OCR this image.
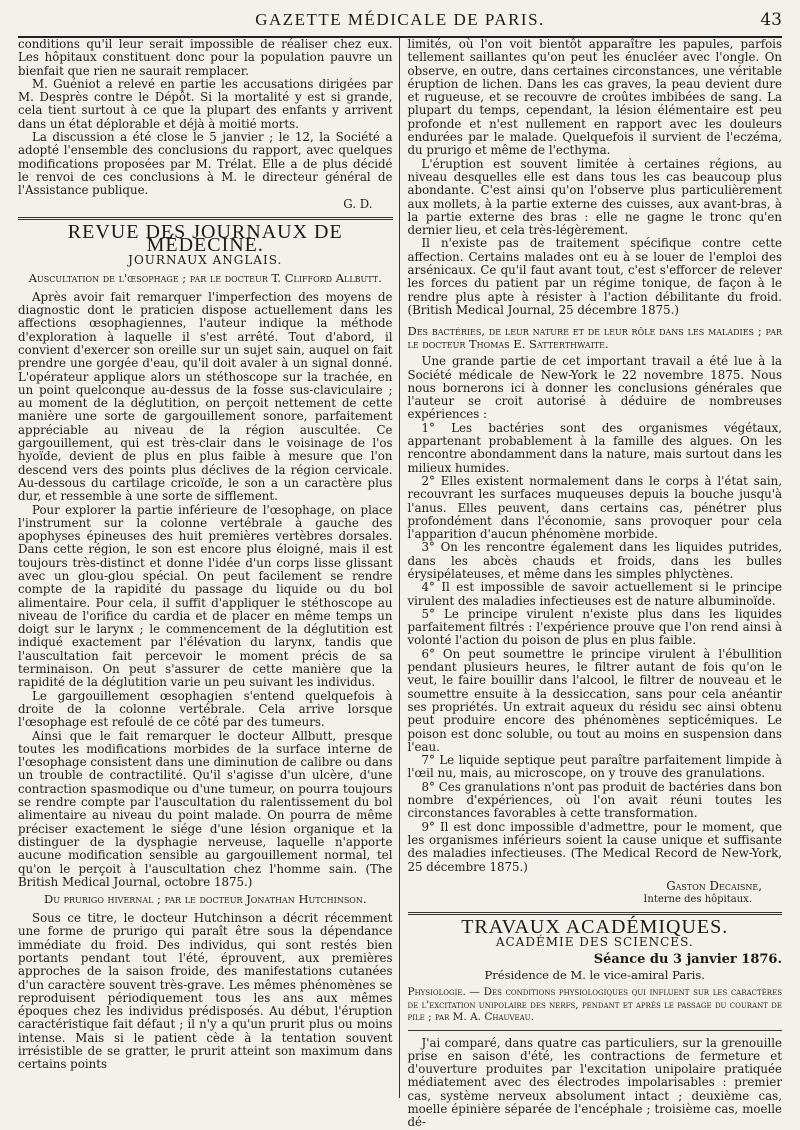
GAZETTE MÉDICALE DE PARIS.	43

conditions qu'il leur serait impossible de réaliser chez eux. Les hôpitaux constituent donc pour la population pauvre un bienfait que rien ne saurait remplacer.

M. Guéniot a relevé en partie les accusations dirigées par M. Desprès contre le Dépôt. Si la mortalité y est si grande, cela tient surtout à ce que la plupart des enfants y arrivent dans un état déplorable et déjà à moitié morts.

La discussion a été close le 5 janvier ; le 12, la Société a adopté l'ensemble des conclusions du rapport, avec quelques modifications proposées par M. Trélat. Elle a de plus décidé le renvoi de ces conclusions à M. le directeur général de l'Assistance publique.

G. D.
REVUE DES JOURNAUX DE MÉDECINE.
JOURNAUX ANGLAIS.
Auscultation de l'œsophage ; par le docteur T. Clifford Allbutt.

Après avoir fait remarquer l'imperfection des moyens de diagnostic dont le praticien dispose actuellement dans les affections œsophagiennes, l'auteur indique la méthode d'exploration à laquelle il s'est arrêté. Tout d'abord, il convient d'exercer son oreille sur un sujet sain, auquel on fait prendre une gorgée d'eau, qu'il doit avaler à un signal donné. L'opérateur applique alors un stéthoscope sur la trachée, en un point quelconque au-dessus de la fosse sus-claviculaire ; au moment de la déglutition, on perçoit nettement de cette manière une sorte de gargouillement sonore, parfaitement appréciable au niveau de la région auscultée. Ce gargouillement, qui est très-clair dans le voisinage de l'os hyoïde, devient de plus en plus faible à mesure que l'on descend vers des points plus déclives de la région cervicale. Au-dessous du cartilage cricoïde, le son a un caractère plus dur, et ressemble à une sorte de sifflement.

Pour explorer la partie inférieure de l'œsophage, on place l'instrument sur la colonne vertébrale à gauche des apophyses épineuses des huit premières vertèbres dorsales. Dans cette région, le son est encore plus éloigné, mais il est toujours très-distinct et donne l'idée d'un corps lisse glissant avec un glou-glou spécial. On peut facilement se rendre compte de la rapidité du passage du liquide ou du bol alimentaire. Pour cela, il suffit d'appliquer le stéthoscope au niveau de l'orifice du cardia et de placer en même temps un doigt sur le larynx ; le commencement de la déglutition est indiqué exactement par l'élévation du larynx, tandis que l'auscultation fait percevoir le moment précis de sa terminaison. On peut s'assurer de cette manière que la rapidité de la déglutition varie un peu suivant les individus.

Le gargouillement œsophagien s'entend quelquefois à droite de la colonne vertébrale. Cela arrive lorsque l'œsophage est refoulé de ce côté par des tumeurs.

Ainsi que le fait remarquer le docteur Allbutt, presque toutes les modifications morbides de la surface interne de l'œsophage consistent dans une diminution de calibre ou dans un trouble de contractilité. Qu'il s'agisse d'un ulcère, d'une contraction spasmodique ou d'une tumeur, on pourra toujours se rendre compte par l'auscultation du ralentissement du bol alimentaire au niveau du point malade. On pourra de même préciser exactement le siége d'une lésion organique et la distinguer de la dysphagie nerveuse, laquelle n'apporte aucune modification sensible au gargouillement normal, tel qu'on le perçoit à l'auscultation chez l'homme sain. (The British Medical Journal, octobre 1875.)

Du prurigo hivernal ; par le docteur Jonathan Hutchinson.

Sous ce titre, le docteur Hutchinson a décrit récemment une forme de prurigo qui paraît être sous la dépendance immédiate du froid. Des individus, qui sont restés bien portants pendant tout l'été, éprouvent, aux premières approches de la saison froide, des manifestations cutanées d'un caractère souvent très-grave. Les mêmes phénomènes se reproduisent périodiquement tous les ans aux mêmes époques chez les individus prédisposés. Au début, l'éruption caractéristique fait défaut ; il n'y a qu'un prurit plus ou moins intense. Mais si le patient cède à la tentation souvent irrésistible de se gratter, le prurit atteint son maximum dans certains points

limités, où l'on voit bientôt apparaître les papules, parfois tellement saillantes qu'on peut les énucléer avec l'ongle. On observe, en outre, dans certaines circonstances, une véritable éruption de lichen. Dans les cas graves, la peau devient dure et rugueuse, et se recouvre de croûtes imbibées de sang. La plupart du temps, cependant, la lésion élémentaire est peu profonde et n'est nullement en rapport avec les douleurs endurées par le malade. Quelquefois il survient de l'eczéma, du prurigo et même de l'ecthyma.

L'éruption est souvent limitée à certaines régions, au niveau desquelles elle est dans tous les cas beaucoup plus abondante. C'est ainsi qu'on l'observe plus particulièrement aux mollets, à la partie externe des cuisses, aux avant-bras, à la partie externe des bras : elle ne gagne le tronc qu'en dernier lieu, et cela très-légèrement.

Il n'existe pas de traitement spécifique contre cette affection. Certains malades ont eu à se louer de l'emploi des arsénicaux. Ce qu'il faut avant tout, c'est s'efforcer de relever les forces du patient par un régime tonique, de façon à le rendre plus apte à résister à l'action débilitante du froid. (British Medical Journal, 25 décembre 1875.)

Des bactéries, de leur nature et de leur rôle dans les maladies ; par le docteur Thomas E. Satterthwaite.

Une grande partie de cet important travail a été lue à la Société médicale de New-York le 22 novembre 1875. Nous nous bornerons ici à donner les conclusions générales que l'auteur se croit autorisé à déduire de nombreuses expériences :

1° Les bactéries sont des organismes végétaux, appartenant probablement à la famille des algues. On les rencontre abondamment dans la nature, mais surtout dans les milieux humides.

2° Elles existent normalement dans le corps à l'état sain, recouvrant les surfaces muqueuses depuis la bouche jusqu'à l'anus. Elles peuvent, dans certains cas, pénétrer plus profondément dans l'économie, sans provoquer pour cela l'apparition d'aucun phénomène morbide.

3° On les rencontre également dans les liquides putrides, dans les abcès chauds et froids, dans les bulles érysipélateuses, et même dans les simples phlyctènes.

4° Il est impossible de savoir actuellement si le principe virulent des maladies infectieuses est de nature albuminoïde.

5° Le principe virulent n'existe plus dans les liquides parfaitement filtrés : l'expérience prouve que l'on rend ainsi à volonté l'action du poison de plus en plus faible.

6° On peut soumettre le principe virulent à l'ébullition pendant plusieurs heures, le filtrer autant de fois qu'on le veut, le faire bouillir dans l'alcool, le filtrer de nouveau et le soumettre ensuite à la dessiccation, sans pour cela anéantir ses propriétés. Un extrait aqueux du résidu sec ainsi obtenu peut produire encore des phénomènes septicémiques. Le poison est donc soluble, ou tout au moins en suspension dans l'eau.

7° Le liquide septique peut paraître parfaitement limpide à l'œil nu, mais, au microscope, on y trouve des granulations.

8° Ces granulations n'ont pas produit de bactéries dans bon nombre d'expériences, où l'on avait réuni toutes les circonstances favorables à cette transformation.

9° Il est donc impossible d'admettre, pour le moment, que les organismes inférieurs soient la cause unique et suffisante des maladies infectieuses. (The Medical Record de New-York, 25 décembre 1875.)

Gaston Decaisne,
Interne des hôpitaux.
TRAVAUX ACADÉMIQUES.
ACADÉMIE DES SCIENCES.
Séance du 3 janvier 1876.
Présidence de M. le vice-amiral Paris.
Physiologie. — Des conditions physiologiques qui influent sur les caractères de l'excitation unipolaire des nerfs, pendant et après le passage du courant de pile ; par M. A. Chauveau.

J'ai comparé, dans quatre cas particuliers, sur la grenouille prise en saison d'été, les contractions de fermeture et d'ouverture produites par l'excitation unipolaire pratiquée médiatement avec des électrodes impolarisables : premier cas, système nerveux absolument intact ; deuxième cas, moelle épinière séparée de l'encéphale ; troisième cas, moelle dé-
